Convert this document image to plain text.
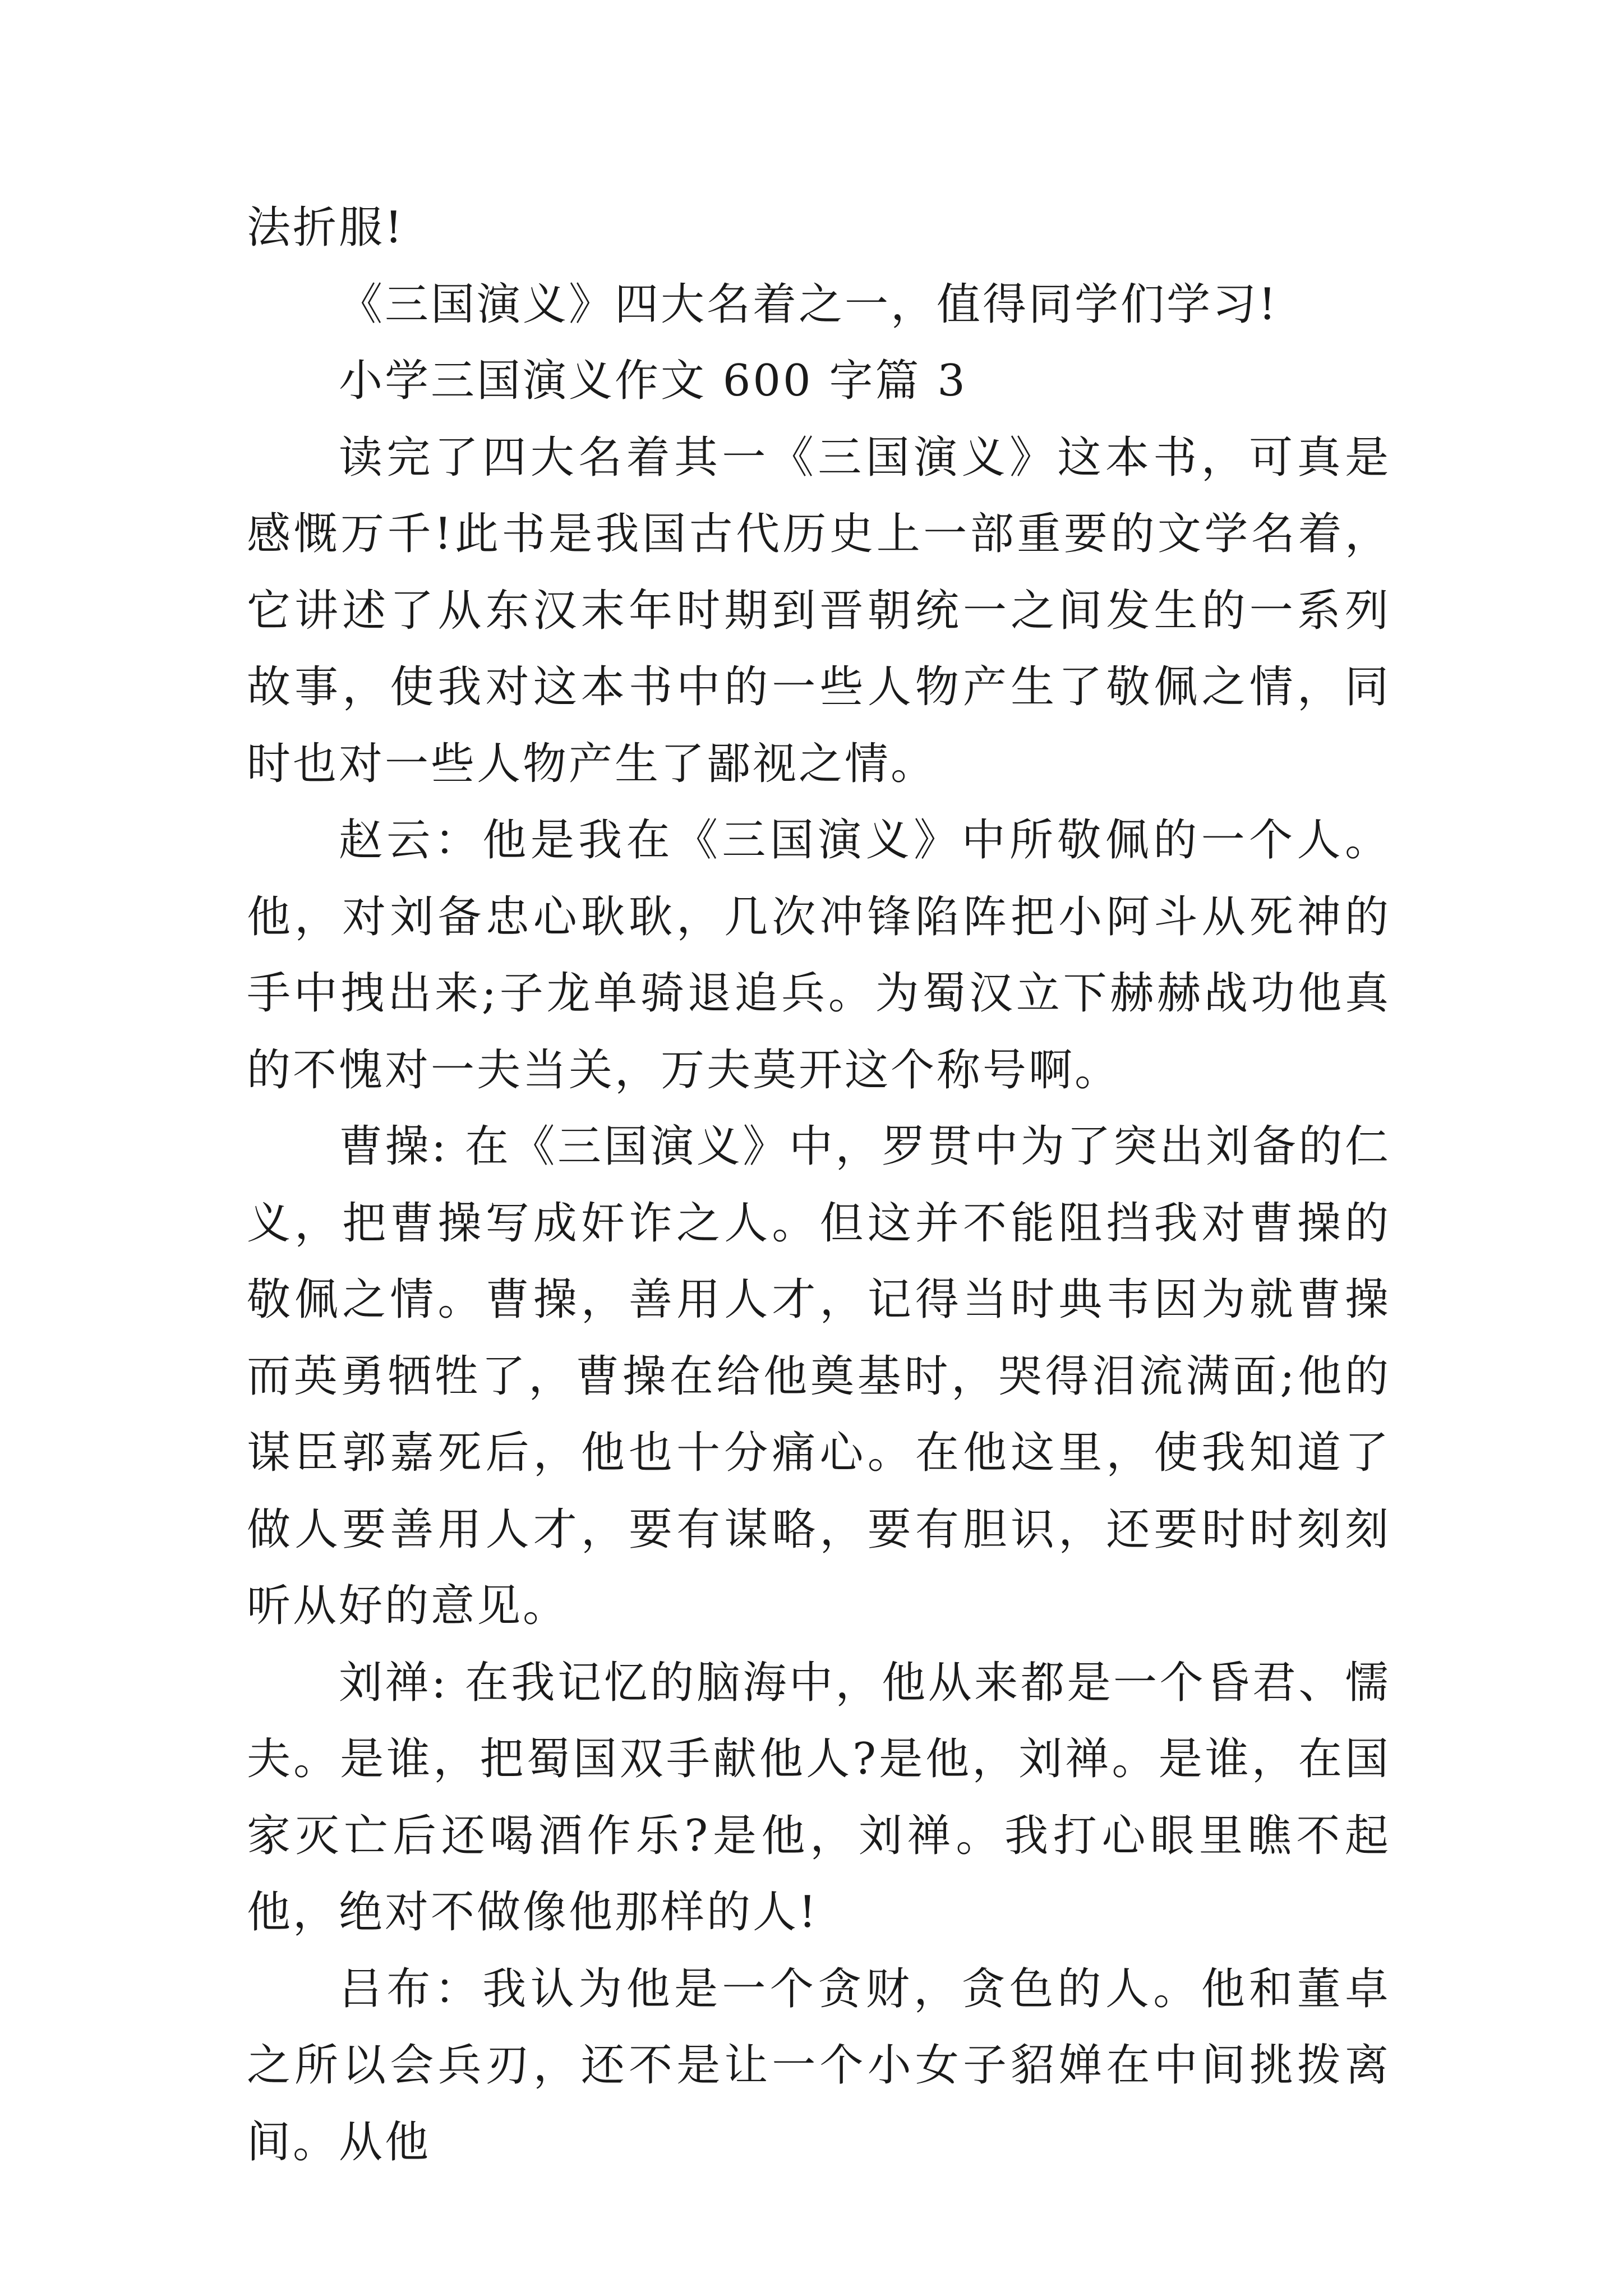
法折服!

《三国演义》四大名着之一，值得同学们学习!

小学三国演义作文 600 字篇 3

读完了四大名着其一《三国演义》这本书，可真是感慨万千!此书是我国古代历史上一部重要的文学名着，它讲述了从东汉末年时期到晋朝统一之间发生的一系列故事，使我对这本书中的一些人物产生了敬佩之情，同时也对一些人物产生了鄙视之情。

赵云：他是我在《三国演义》中所敬佩的一个人。他，对刘备忠心耿耿，几次冲锋陷阵把小阿斗从死神的手中拽出来;子龙单骑退追兵。为蜀汉立下赫赫战功他真的不愧对一夫当关，万夫莫开这个称号啊。

曹操: 在《三国演义》中，罗贯中为了突出刘备的仁义，把曹操写成奸诈之人。但这并不能阻挡我对曹操的敬佩之情。曹操，善用人才，记得当时典韦因为就曹操而英勇牺牲了，曹操在给他奠基时，哭得泪流满面;他的谋臣郭嘉死后，他也十分痛心。在他这里，使我知道了做人要善用人才，要有谋略，要有胆识，还要时时刻刻听从好的意见。

刘禅: 在我记忆的脑海中，他从来都是一个昏君、懦夫。是谁，把蜀国双手献他人?是他，刘禅。是谁，在国家灭亡后还喝酒作乐?是他，刘禅。我打心眼里瞧不起他，绝对不做像他那样的人!

吕布：我认为他是一个贪财，贪色的人。他和董卓之所以会兵刃，还不是让一个小女子貂婵在中间挑拨离间。从他
